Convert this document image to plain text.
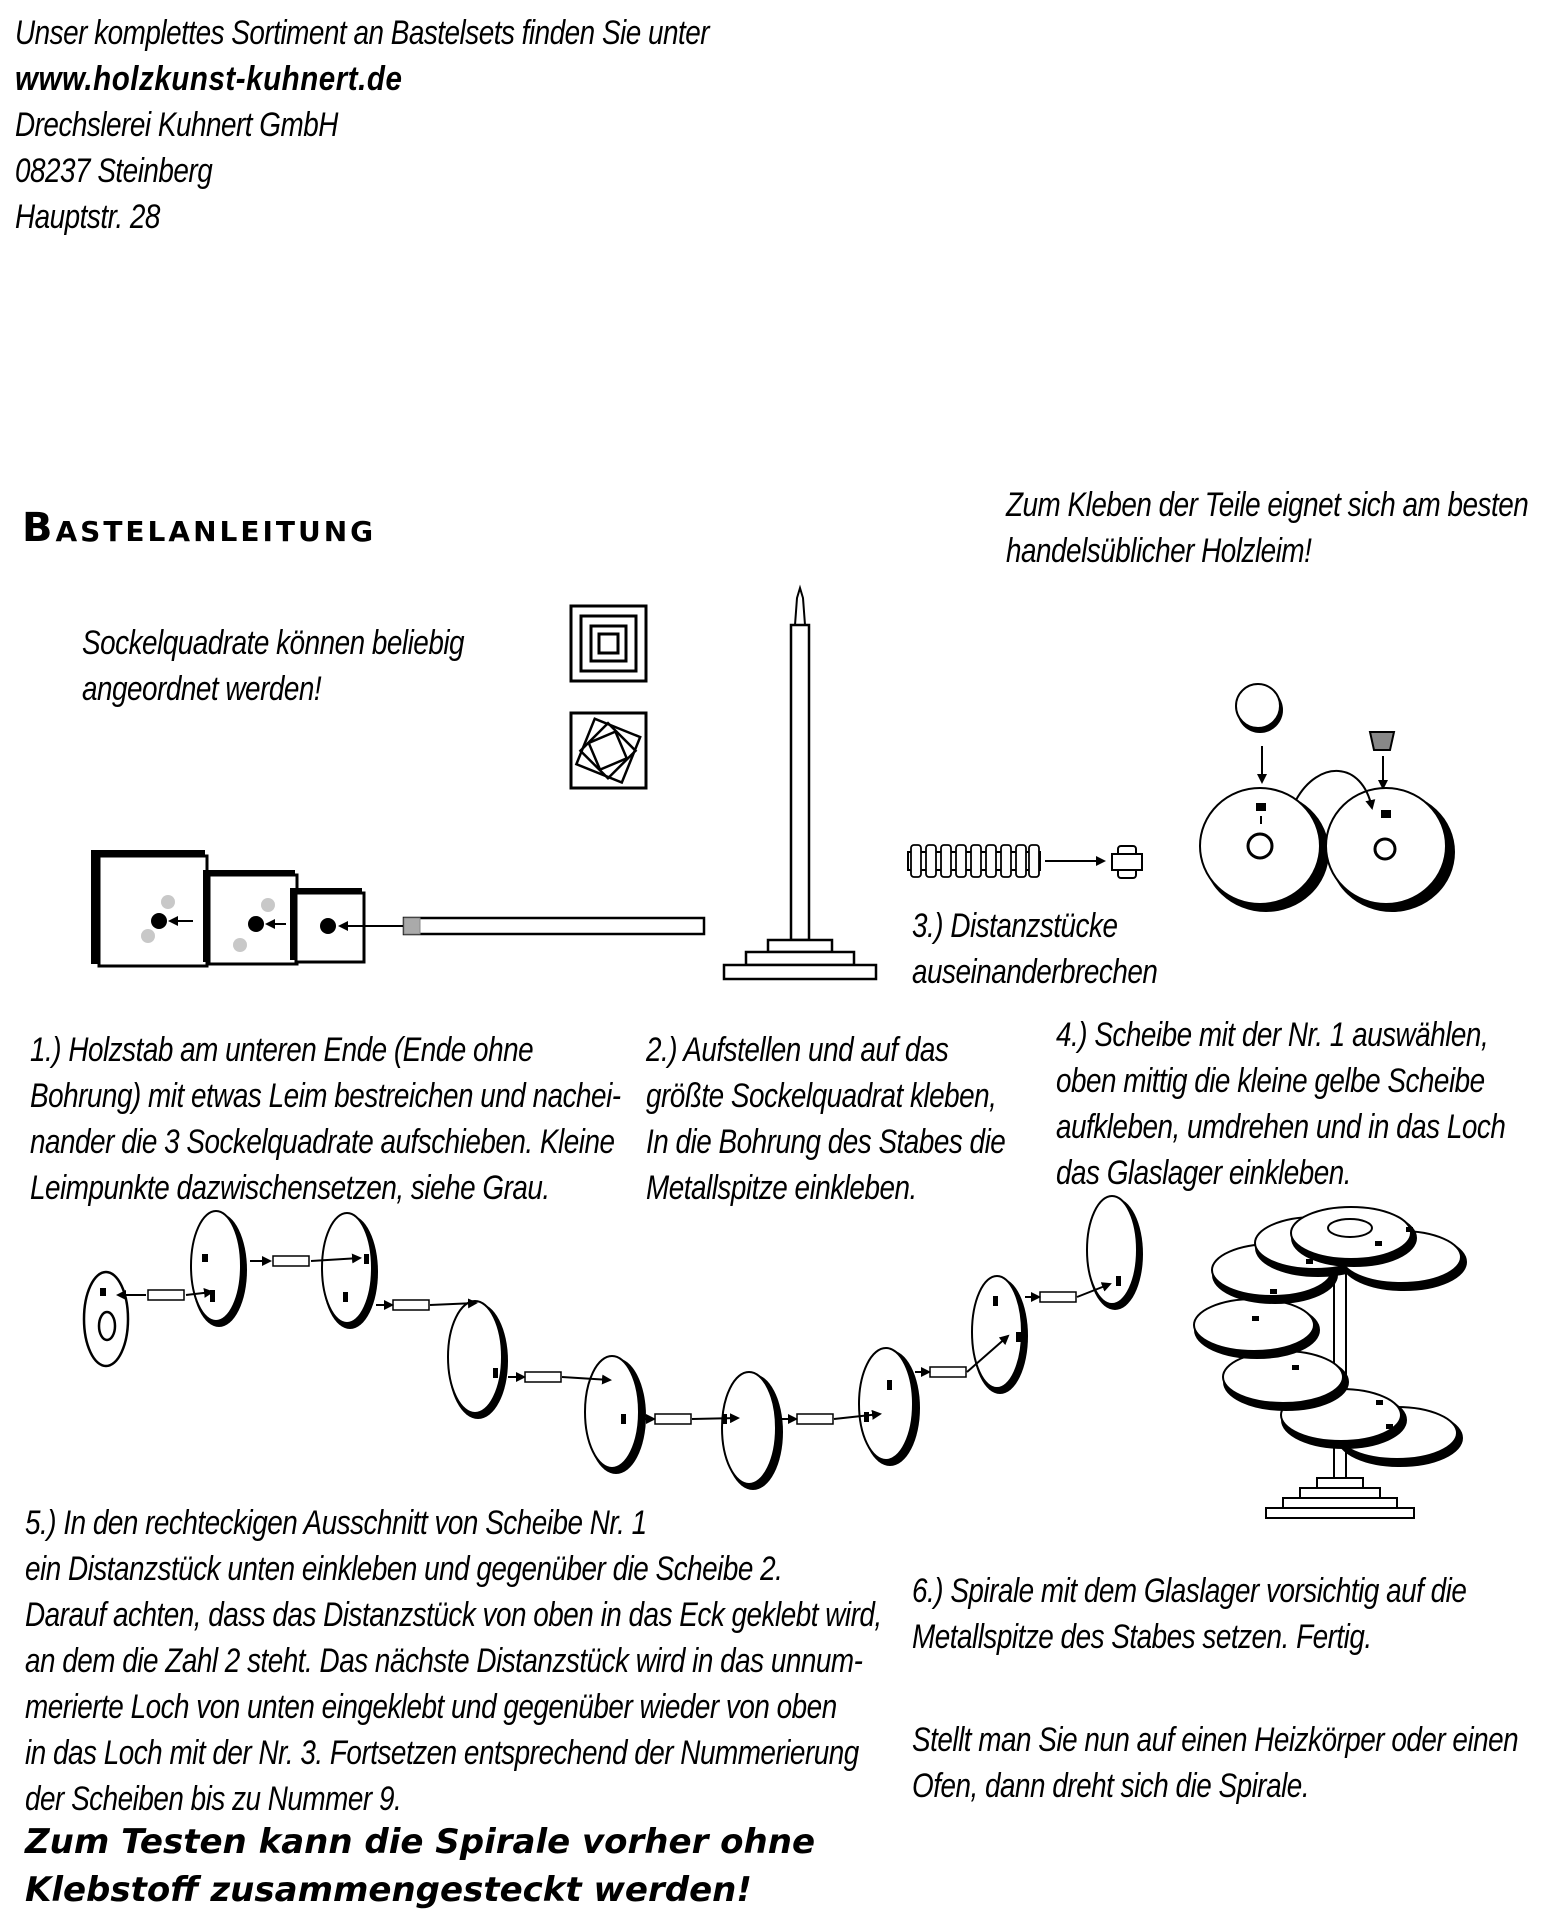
Unser komplettes Sortiment an Bastelsets finden Sie unter
www.holzkunst-kuhnert.de
Drechslerei Kuhnert GmbH
08237 Steinberg
Hauptstr. 28
Bastelanleitung	Zum Kleben der Teile eignet sich am besten
handelsüblicher Holzleim!
Sockelquadrate können beliebig
angeordnet werden!
3.) Distanzstücke
auseinanderbrechen
1.) Holzstab am unteren Ende (Ende ohne
Bohrung) mit etwas Leim bestreichen und nachei-
nander die 3 Sockelquadrate aufschieben. Kleine
Leimpunkte dazwischensetzen, siehe Grau.
2.) Aufstellen und auf das
größte Sockelquadrat kleben,
In die Bohrung des Stabes die
Metallspitze einkleben.
4.) Scheibe mit der Nr. 1 auswählen,
oben mittig die kleine gelbe Scheibe
aufkleben, umdrehen und in das Loch
das Glaslager einkleben.
5.) In den rechteckigen Ausschnitt von Scheibe Nr. 1
ein Distanzstück unten einkleben und gegenüber die Scheibe 2.
Darauf achten, dass das Distanzstück von oben in das Eck geklebt wird,
an dem die Zahl 2 steht. Das nächste Distanzstück wird in das unnum-
merierte Loch von unten eingeklebt und gegenüber wieder von oben
in das Loch mit der Nr. 3. Fortsetzen entsprechend der Nummerierung
der Scheiben bis zu Nummer 9.
6.) Spirale mit dem Glaslager vorsichtig auf die
Metallspitze des Stabes setzen. Fertig.
Stellt man Sie nun auf einen Heizkörper oder einen
Ofen, dann dreht sich die Spirale.
Zum Testen kann die Spirale vorher ohne
Klebstoff zusammengesteckt werden!
